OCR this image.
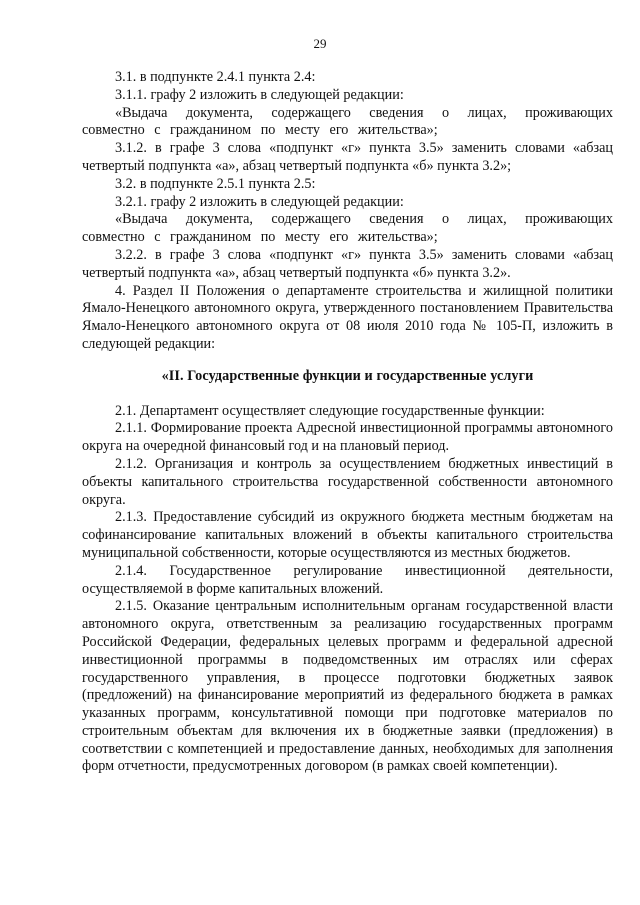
29

3.1. в подпункте 2.4.1 пункта 2.4:

3.1.1. графу 2 изложить в следующей редакции:

«Выдача документа, содержащего сведения о лицах, проживающих совместно с гражданином по месту его жительства»;

3.1.2. в графе 3 слова «подпункт «г» пункта 3.5» заменить словами «абзац четвертый подпункта «а», абзац четвертый подпункта «б» пункта 3.2»;

3.2. в подпункте 2.5.1 пункта 2.5:

3.2.1. графу 2 изложить в следующей редакции:

«Выдача документа, содержащего сведения о лицах, проживающих совместно с гражданином по месту его жительства»;

3.2.2. в графе 3 слова «подпункт «г» пункта 3.5» заменить словами «абзац четвертый подпункта «а», абзац четвертый подпункта «б» пункта 3.2».

4. Раздел II Положения о департаменте строительства и жилищной политики Ямало-Ненецкого автономного округа, утвержденного постановлением Правительства Ямало-Ненецкого автономного округа от 08 июля 2010 года № 105-П, изложить в следующей редакции:

«II. Государственные функции и государственные услуги

2.1. Департамент осуществляет следующие государственные функции:

2.1.1. Формирование проекта Адресной инвестиционной программы автономного округа на очередной финансовый год и на плановый период.

2.1.2. Организация и контроль за осуществлением бюджетных инвестиций в объекты капитального строительства государственной собственности автономного округа.

2.1.3. Предоставление субсидий из окружного бюджета местным бюджетам на софинансирование капитальных вложений в объекты капитального строительства муниципальной собственности, которые осуществляются из местных бюджетов.

2.1.4. Государственное регулирование инвестиционной деятельности, осуществляемой в форме капитальных вложений.

2.1.5. Оказание центральным исполнительным органам государственной власти автономного округа, ответственным за реализацию государственных программ Российской Федерации, федеральных целевых программ и федеральной адресной инвестиционной программы в подведомственных им отраслях или сферах государственного управления, в процессе подготовки бюджетных заявок (предложений) на финансирование мероприятий из федерального бюджета в рамках указанных программ, консультативной помощи при подготовке материалов по строительным объектам для включения их в бюджетные заявки (предложения) в соответствии с компетенцией и предоставление данных, необходимых для заполнения форм отчетности, предусмотренных договором (в рамках своей компетенции).
